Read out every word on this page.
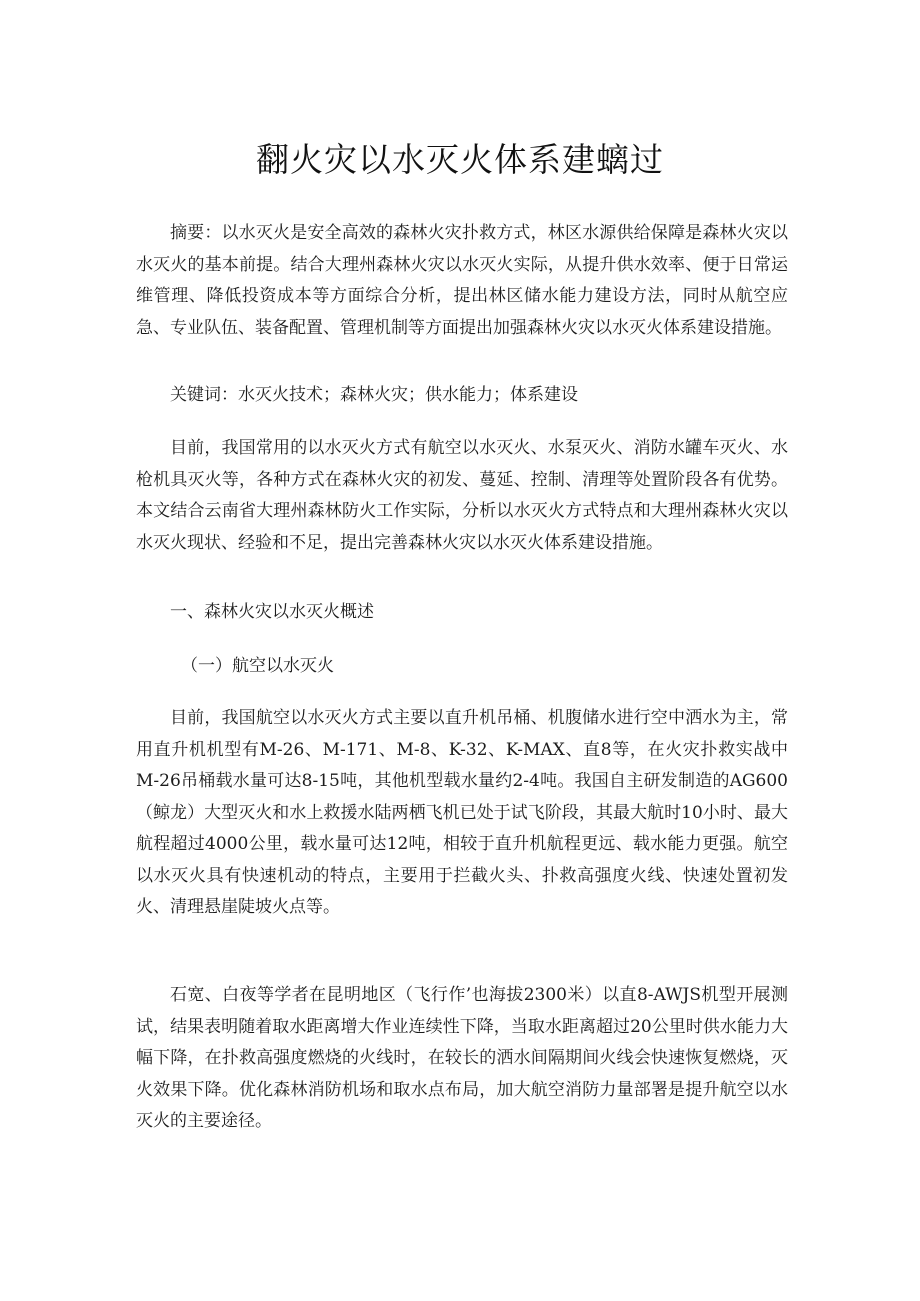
翻火灾以水灭火体系建螭过

摘要：以水灭火是安全高效的森林火灾扑救方式，林区水源供给保障是森林火灾以水灭火的基本前提。结合大理州森林火灾以水灭火实际，从提升供水效率、便于日常运维管理、降低投资成本等方面综合分析，提出林区储水能力建设方法，同时从航空应急、专业队伍、装备配置、管理机制等方面提出加强森林火灾以水灭火体系建设措施。

关键词：水灭火技术；森林火灾；供水能力；体系建设

目前，我国常用的以水灭火方式有航空以水灭火、水泵灭火、消防水罐车灭火、水枪机具灭火等，各种方式在森林火灾的初发、蔓延、控制、清理等处置阶段各有优势。本文结合云南省大理州森林防火工作实际，分析以水灭火方式特点和大理州森林火灾以水灭火现状、经验和不足，提出完善森林火灾以水灭火体系建设措施。

一、森林火灾以水灭火概述

（一）航空以水灭火

目前，我国航空以水灭火方式主要以直升机吊桶、机腹储水进行空中洒水为主，常用直升机机型有M-26、M-171、M-8、K-32、K-MAX、直8等，在火灾扑救实战中M-26吊桶载水量可达8-15吨，其他机型载水量约2-4吨。我国自主研发制造的AG600（鲸龙）大型灭火和水上救援水陆两栖飞机已处于试飞阶段，其最大航时10小时、最大航程超过4000公里，载水量可达12吨，相较于直升机航程更远、载水能力更强。航空以水灭火具有快速机动的特点，主要用于拦截火头、扑救高强度火线、快速处置初发火、清理悬崖陡坡火点等。

石宽、白夜等学者在昆明地区（飞行作’也海拔2300米）以直8-AWJS机型开展测试，结果表明随着取水距离增大作业连续性下降，当取水距离超过20公里时供水能力大幅下降，在扑救高强度燃烧的火线时，在较长的洒水间隔期间火线会快速恢复燃烧，灭火效果下降。优化森林消防机场和取水点布局，加大航空消防力量部署是提升航空以水灭火的主要途径。
